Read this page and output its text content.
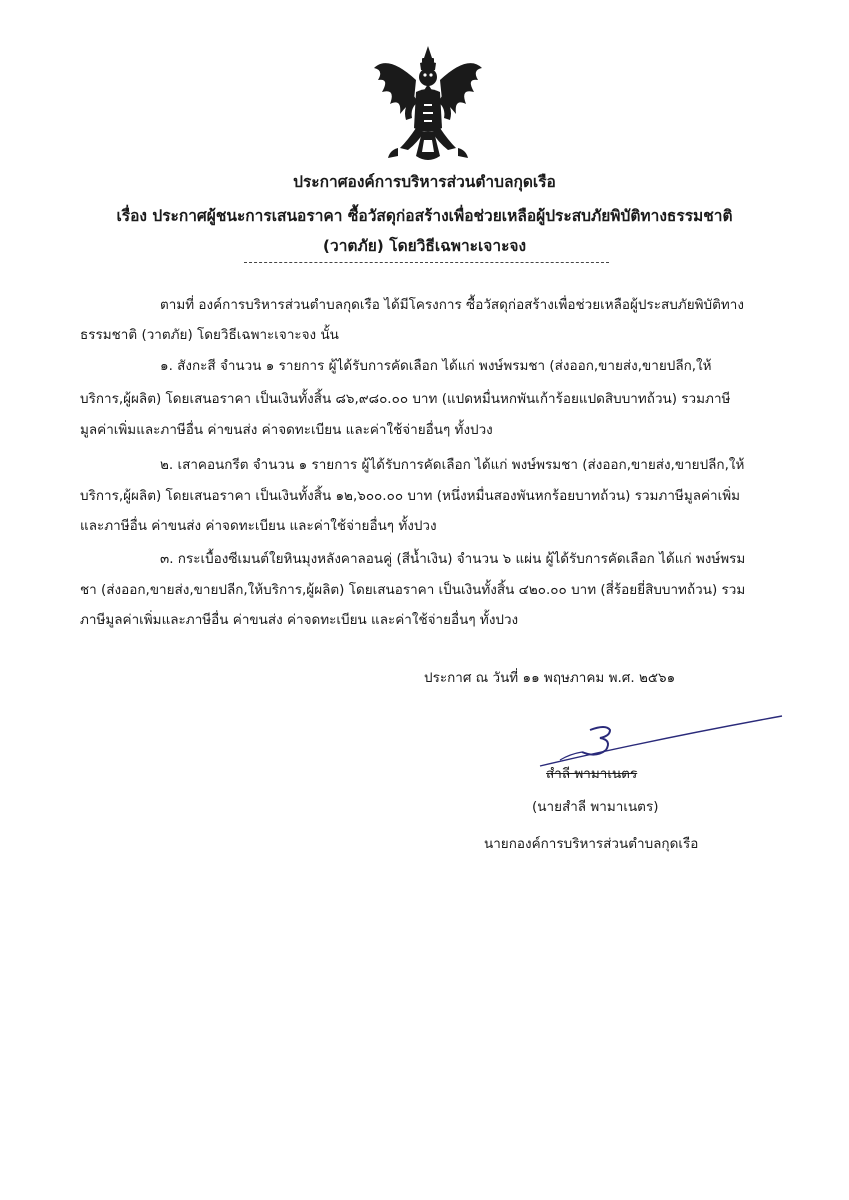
ประกาศองค์การบริหารส่วนตำบลกุดเรือ
เรื่อง ประกาศผู้ชนะการเสนอราคา ซื้อวัสดุก่อสร้างเพื่อช่วยเหลือผู้ประสบภัยพิบัติทางธรรมชาติ
(วาตภัย) โดยวิธีเฉพาะเจาะจง
ตามที่ องค์การบริหารส่วนตำบลกุดเรือ ได้มีโครงการ ซื้อวัสดุก่อสร้างเพื่อช่วยเหลือผู้ประสบภัยพิบัติทาง
ธรรมชาติ (วาตภัย) โดยวิธีเฉพาะเจาะจง นั้น
๑. สังกะสี จำนวน ๑ รายการ ผู้ได้รับการคัดเลือก ได้แก่ พงษ์พรมชา (ส่งออก,ขายส่ง,ขายปลีก,ให้
บริการ,ผู้ผลิต) โดยเสนอราคา เป็นเงินทั้งสิ้น ๘๖,๙๘๐.๐๐ บาท (แปดหมื่นหกพันเก้าร้อยแปดสิบบาทถ้วน) รวมภาษี
มูลค่าเพิ่มและภาษีอื่น ค่าขนส่ง ค่าจดทะเบียน และค่าใช้จ่ายอื่นๆ ทั้งปวง
๒. เสาคอนกรีต จำนวน ๑ รายการ ผู้ได้รับการคัดเลือก ได้แก่ พงษ์พรมชา (ส่งออก,ขายส่ง,ขายปลีก,ให้
บริการ,ผู้ผลิต) โดยเสนอราคา เป็นเงินทั้งสิ้น ๑๒,๖๐๐.๐๐ บาท (หนึ่งหมื่นสองพันหกร้อยบาทถ้วน) รวมภาษีมูลค่าเพิ่ม
และภาษีอื่น ค่าขนส่ง ค่าจดทะเบียน และค่าใช้จ่ายอื่นๆ ทั้งปวง
๓. กระเบื้องซีเมนต์ใยหินมุงหลังคาลอนคู่ (สีน้ำเงิน) จำนวน ๖ แผ่น ผู้ได้รับการคัดเลือก ได้แก่ พงษ์พรม
ชา (ส่งออก,ขายส่ง,ขายปลีก,ให้บริการ,ผู้ผลิต) โดยเสนอราคา เป็นเงินทั้งสิ้น ๔๒๐.๐๐ บาท (สี่ร้อยยี่สิบบาทถ้วน) รวม
ภาษีมูลค่าเพิ่มและภาษีอื่น ค่าขนส่ง ค่าจดทะเบียน และค่าใช้จ่ายอื่นๆ ทั้งปวง
ประกาศ ณ วันที่ ๑๑ พฤษภาคม พ.ศ. ๒๕๖๑
สำลี พามาเนตร
(นายสำลี พามาเนตร)
นายกองค์การบริหารส่วนตำบลกุดเรือ
